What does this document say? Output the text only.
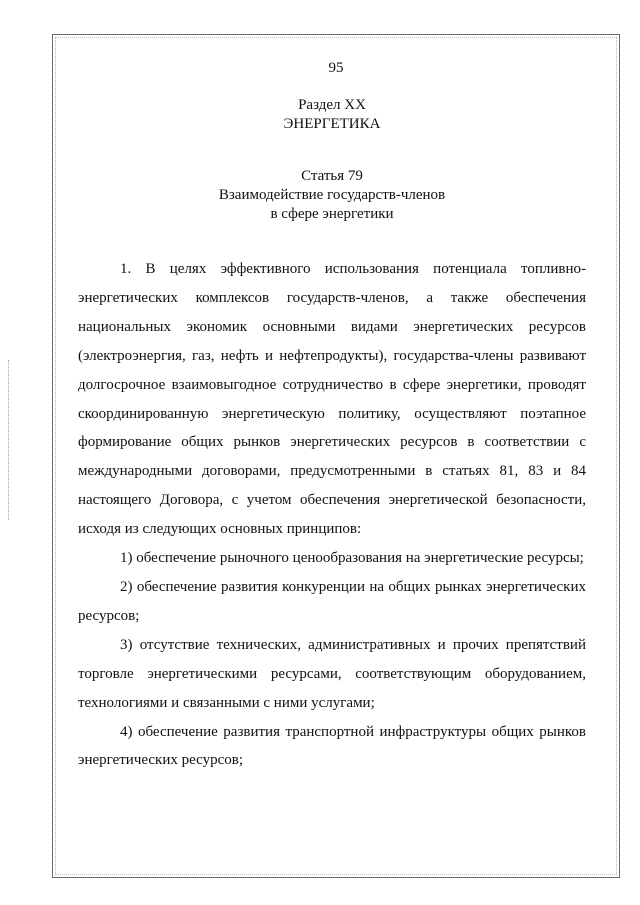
95
Раздел XX
ЭНЕРГЕТИКА
Статья 79
Взаимодействие государств-членов
в сфере энергетики

1. В целях эффективного использования потенциала топливно-энергетических комплексов государств-членов, а также обеспечения национальных экономик основными видами энергетических ресурсов (электроэнергия, газ, нефть и нефтепродукты), государства-члены развивают долгосрочное взаимовыгодное сотрудничество в сфере энергетики, проводят скоординированную энергетическую политику, осуществляют поэтапное формирование общих рынков энергетических ресурсов в соответствии с международными договорами, предусмотренными в статьях 81, 83 и 84 настоящего Договора, с учетом обеспечения энергетической безопасности, исходя из следующих основных принципов:

1) обеспечение рыночного ценообразования на энергетические ресурсы;

2) обеспечение развития конкуренции на общих рынках энергетических ресурсов;

3) отсутствие технических, административных и прочих препятствий торговле энергетическими ресурсами, соответствующим оборудованием, технологиями и связанными с ними услугами;

4) обеспечение развития транспортной инфраструктуры общих рынков энергетических ресурсов;
